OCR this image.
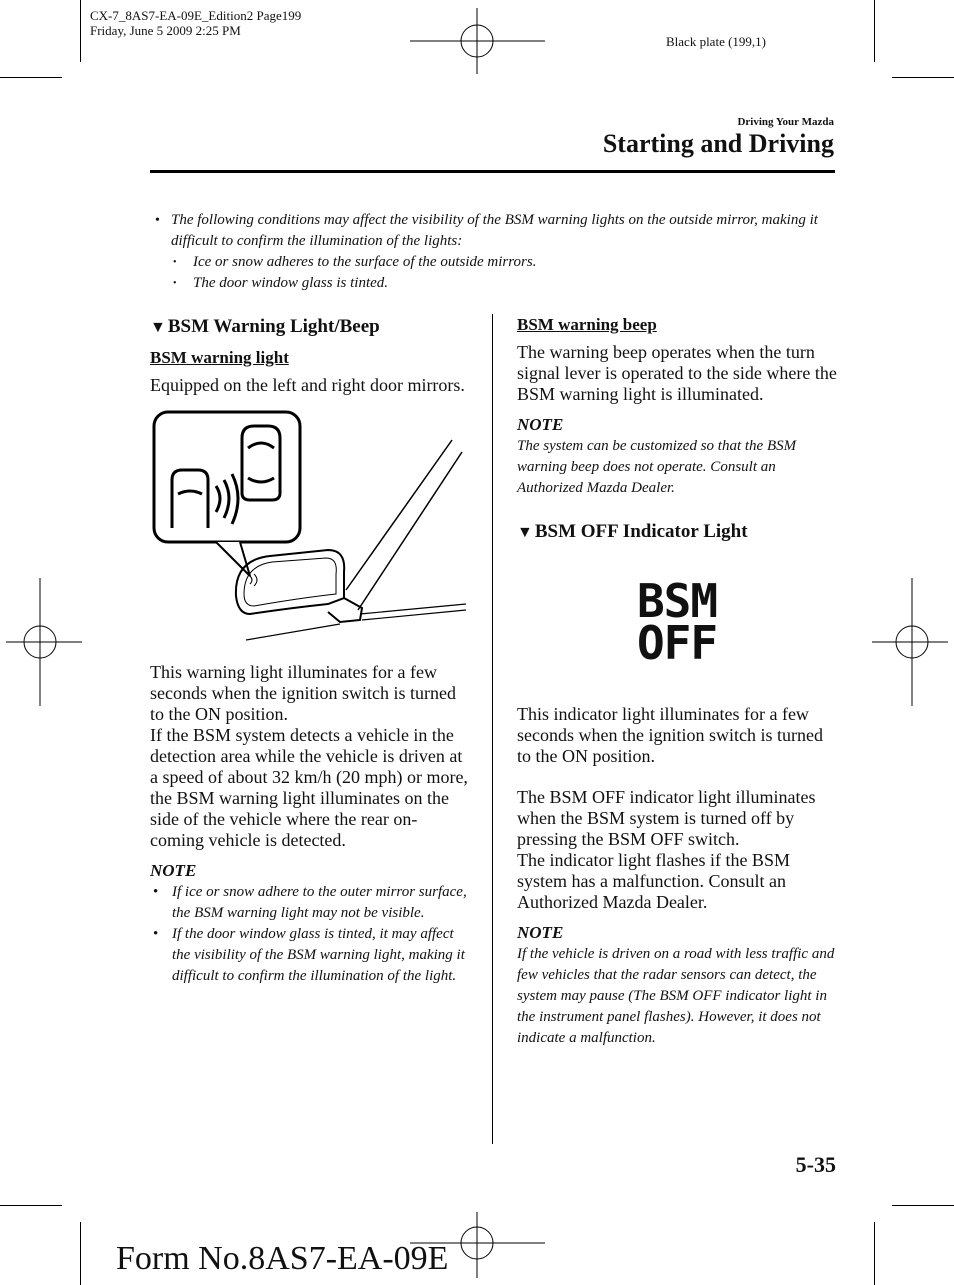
CX-7_8AS7-EA-09E_Edition2 Page199
Friday, June 5 2009 2:25 PM
Black plate (199,1)
Driving Your Mazda
Starting and Driving
• The following conditions may affect the visibility of the BSM warning lights on the outside mirror, making it difficult to confirm the illumination of the lights:
• Ice or snow adheres to the surface of the outside mirrors.
• The door window glass is tinted.
▼ BSM Warning Light/Beep
BSM warning light

Equipped on the left and right door mirrors.

This warning light illuminates for a few seconds when the ignition switch is turned to the ON position.

If the BSM system detects a vehicle in the detection area while the vehicle is driven at a speed of about 32 km/h (20 mph) or more, the BSM warning light illuminates on the side of the vehicle where the rear on-coming vehicle is detected.

NOTE
• If ice or snow adhere to the outer mirror surface, the BSM warning light may not be visible.
• If the door window glass is tinted, it may affect the visibility of the BSM warning light, making it difficult to confirm the illumination of the light.
BSM warning beep

The warning beep operates when the turn signal lever is operated to the side where the BSM warning light is illuminated.

NOTE

The system can be customized so that the BSM warning beep does not operate. Consult an Authorized Mazda Dealer.

▼ BSM OFF Indicator Light
BSM
OFF

This indicator light illuminates for a few seconds when the ignition switch is turned to the ON position.

The BSM OFF indicator light illuminates when the BSM system is turned off by pressing the BSM OFF switch.

The indicator light flashes if the BSM system has a malfunction. Consult an Authorized Mazda Dealer.

NOTE

If the vehicle is driven on a road with less traffic and few vehicles that the radar sensors can detect, the system may pause (The BSM OFF indicator light in the instrument panel flashes). However, it does not indicate a malfunction.

5-35
Form No.8AS7-EA-09E
